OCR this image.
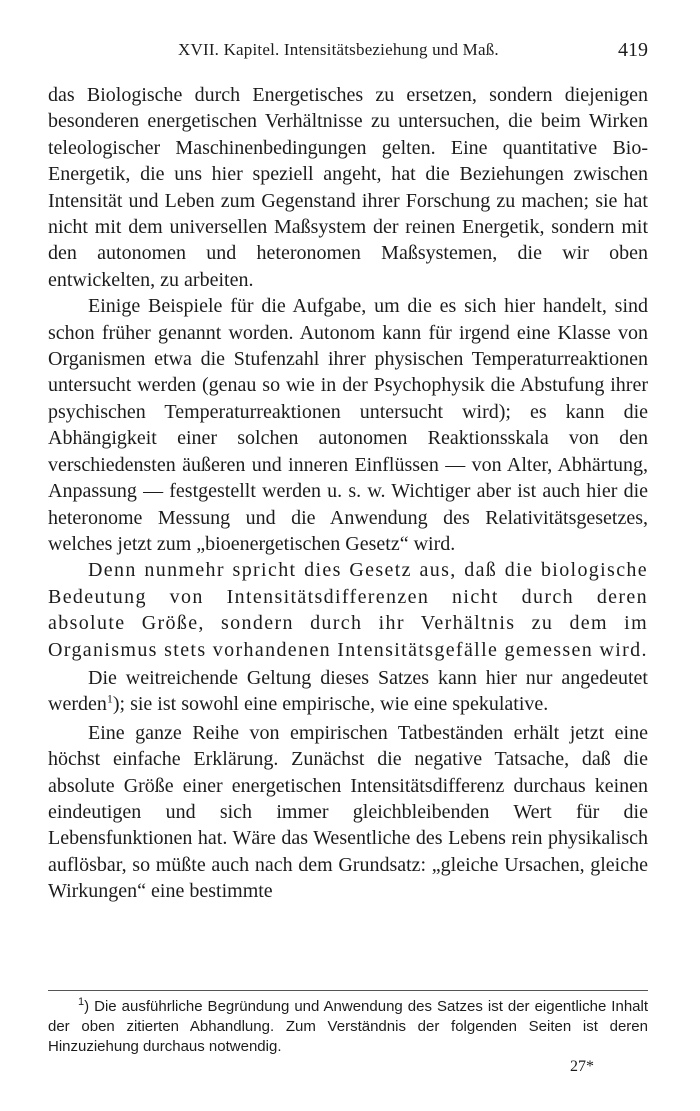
XVII. Kapitel. Intensitätsbeziehung und Maß.	419

das Biologische durch Energetisches zu ersetzen, sondern diejenigen besonderen energetischen Verhältnisse zu untersuchen, die beim Wirken teleologischer Maschinenbedingungen gelten. Eine quantitative Bio-Energetik, die uns hier speziell angeht, hat die Beziehungen zwischen Intensität und Leben zum Gegenstand ihrer Forschung zu machen; sie hat nicht mit dem universellen Maßsystem der reinen Energetik, sondern mit den autonomen und heteronomen Maßsystemen, die wir oben entwickelten, zu arbeiten.

Einige Beispiele für die Aufgabe, um die es sich hier handelt, sind schon früher genannt worden. Autonom kann für irgend eine Klasse von Organismen etwa die Stufenzahl ihrer physischen Temperaturreaktionen untersucht werden (genau so wie in der Psychophysik die Abstufung ihrer psychischen Temperaturreaktionen untersucht wird); es kann die Abhängigkeit einer solchen autonomen Reaktionsskala von den verschiedensten äußeren und inneren Einflüssen — von Alter, Abhärtung, Anpassung — festgestellt werden u. s. w. Wichtiger aber ist auch hier die heteronome Messung und die Anwendung des Relativitätsgesetzes, welches jetzt zum „bioenergetischen Gesetz“ wird.

Denn nunmehr spricht dies Gesetz aus, daß die biologische Bedeutung von Intensitätsdifferenzen nicht durch deren absolute Größe, sondern durch ihr Verhältnis zu dem im Organismus stets vorhandenen Intensitätsgefälle gemessen wird.

Die weitreichende Geltung dieses Satzes kann hier nur angedeutet werden$^1$); sie ist sowohl eine empirische, wie eine spekulative.

Eine ganze Reihe von empirischen Tatbeständen erhält jetzt eine höchst einfache Erklärung. Zunächst die negative Tatsache, daß die absolute Größe einer energetischen Intensitätsdifferenz durchaus keinen eindeutigen und sich immer gleichbleibenden Wert für die Lebensfunktionen hat. Wäre das Wesentliche des Lebens rein physikalisch auflösbar, so müßte auch nach dem Grundsatz: „gleiche Ursachen, gleiche Wirkungen“ eine bestimmte

$^1$) Die ausführliche Begründung und Anwendung des Satzes ist der eigentliche Inhalt der oben zitierten Abhandlung. Zum Verständnis der folgenden Seiten ist deren Hinzuziehung durchaus notwendig.
27*
